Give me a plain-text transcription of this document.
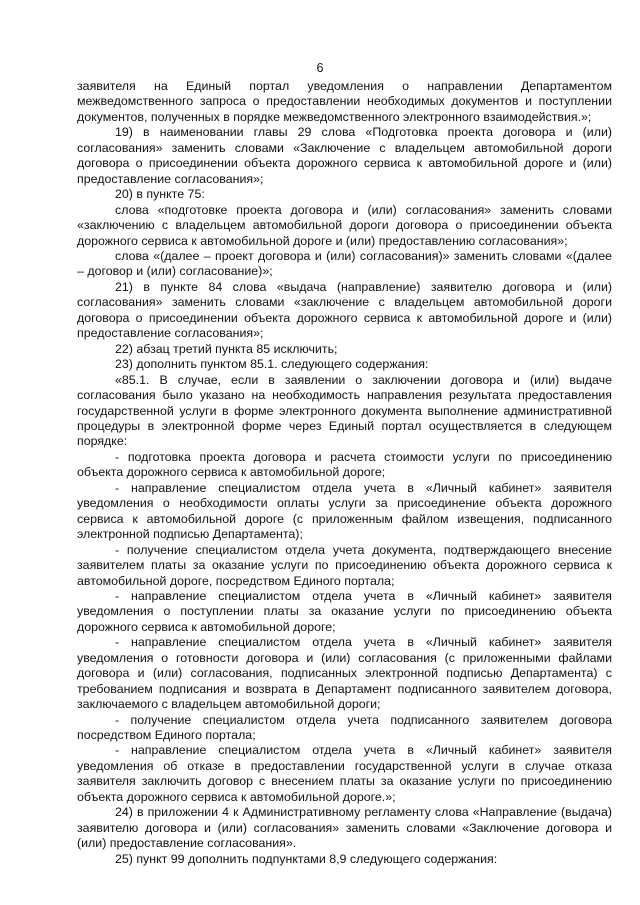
6

заявителя на Единый портал уведомления о направлении Департаментом межведомственного запроса о предоставлении необходимых документов и поступлении документов, полученных в порядке межведомственного электронного взаимодействия.»;

19) в наименовании главы 29 слова «Подготовка проекта договора и (или) согласования» заменить словами «Заключение с владельцем автомобильной дороги договора о присоединении объекта дорожного сервиса к автомобильной дороге и (или) предоставление согласования»;

20) в пункте 75:

слова «подготовке проекта договора и (или) согласования» заменить словами «заключению с владельцем автомобильной дороги договора о присоединении объекта дорожного сервиса к автомобильной дороге и (или) предоставлению согласования»;

слова «(далее – проект договора и (или) согласования)» заменить словами «(далее – договор и (или) согласование)»;

21) в пункте 84 слова «выдача (направление) заявителю договора и (или) согласования» заменить словами «заключение с владельцем автомобильной дороги договора о присоединении объекта дорожного сервиса к автомобильной дороге и (или) предоставление согласования»;

22) абзац третий пункта 85 исключить;

23) дополнить пунктом 85.1. следующего содержания:

«85.1. В случае, если в заявлении о заключении договора и (или) выдаче согласования было указано на необходимость направления результата предоставления государственной услуги в форме электронного документа выполнение административной процедуры в электронной форме через Единый портал осуществляется в следующем порядке:

- подготовка проекта договора и расчета стоимости услуги по присоединению объекта дорожного сервиса к автомобильной дороге;

- направление специалистом отдела учета в «Личный кабинет» заявителя уведомления о необходимости оплаты услуги за присоединение объекта дорожного сервиса к автомобильной дороге (с приложенным файлом извещения, подписанного электронной подписью Департамента);

- получение специалистом отдела учета документа, подтверждающего внесение заявителем платы за оказание услуги по присоединению объекта дорожного сервиса к автомобильной дороге, посредством Единого портала;

- направление специалистом отдела учета в «Личный кабинет» заявителя уведомления о поступлении платы за оказание услуги по присоединению объекта дорожного сервиса к автомобильной дороге;

- направление специалистом отдела учета в «Личный кабинет» заявителя уведомления о готовности договора и (или) согласования (с приложенными файлами договора и (или) согласования, подписанных электронной подписью Департамента) с требованием подписания и возврата в Департамент подписанного заявителем договора, заключаемого с владельцем автомобильной дороги;

- получение специалистом отдела учета подписанного заявителем договора посредством Единого портала;

- направление специалистом отдела учета в «Личный кабинет» заявителя уведомления об отказе в предоставлении государственной услуги в случае отказа заявителя заключить договор с внесением платы за оказание услуги по присоединению объекта дорожного сервиса к автомобильной дороге.»;

24) в приложении 4 к Административному регламенту слова «Направление (выдача) заявителю договора и (или) согласования» заменить словами «Заключение договора и (или) предоставление согласования».

25) пункт 99 дополнить подпунктами 8,9 следующего содержания:
